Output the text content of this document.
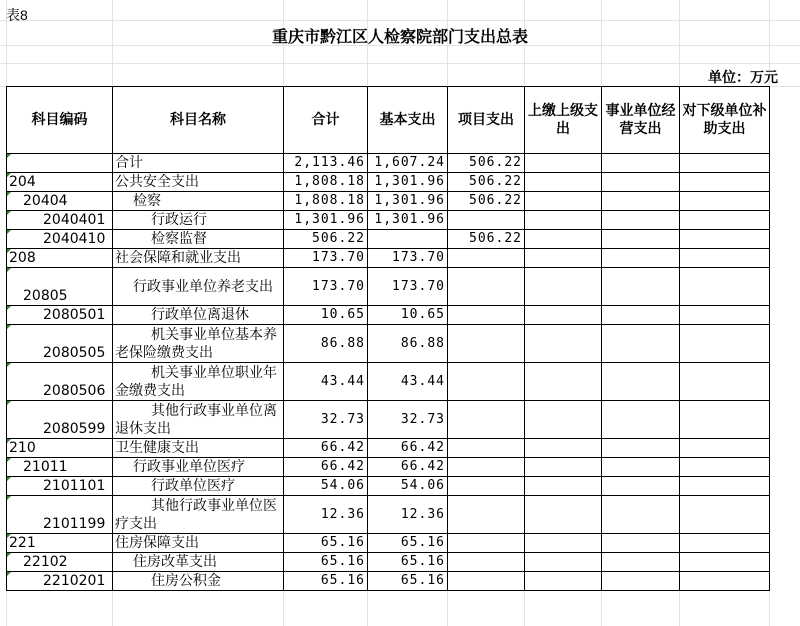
表8
重庆市黔江区人检察院部门支出总表
单位：万元
科目编码	科目名称	合计	基本支出	项目支出	上缴上级支出	事业单位经营支出	对下级单位补助支出
	合计	2,113.46	1,607.24	506.22			
204	公共安全支出	1,808.18	1,301.96	506.22			
20404	检察	1,808.18	1,301.96	506.22			
2040401	行政运行	1,301.96	1,301.96				
2040410	检察监督	506.22		506.22			
208	社会保障和就业支出	173.70	173.70				
20805	行政事业单位养老支出	173.70	173.70				
2080501	行政单位离退休	10.65	10.65				
2080505	机关事业单位基本养老保险缴费支出	86.88	86.88				
2080506	机关事业单位职业年金缴费支出	43.44	43.44				
2080599	其他行政事业单位离退休支出	32.73	32.73				
210	卫生健康支出	66.42	66.42				
21011	行政事业单位医疗	66.42	66.42				
2101101	行政单位医疗	54.06	54.06				
2101199	其他行政事业单位医疗支出	12.36	12.36				
221	住房保障支出	65.16	65.16				
22102	住房改革支出	65.16	65.16				
2210201	住房公积金	65.16	65.16				
